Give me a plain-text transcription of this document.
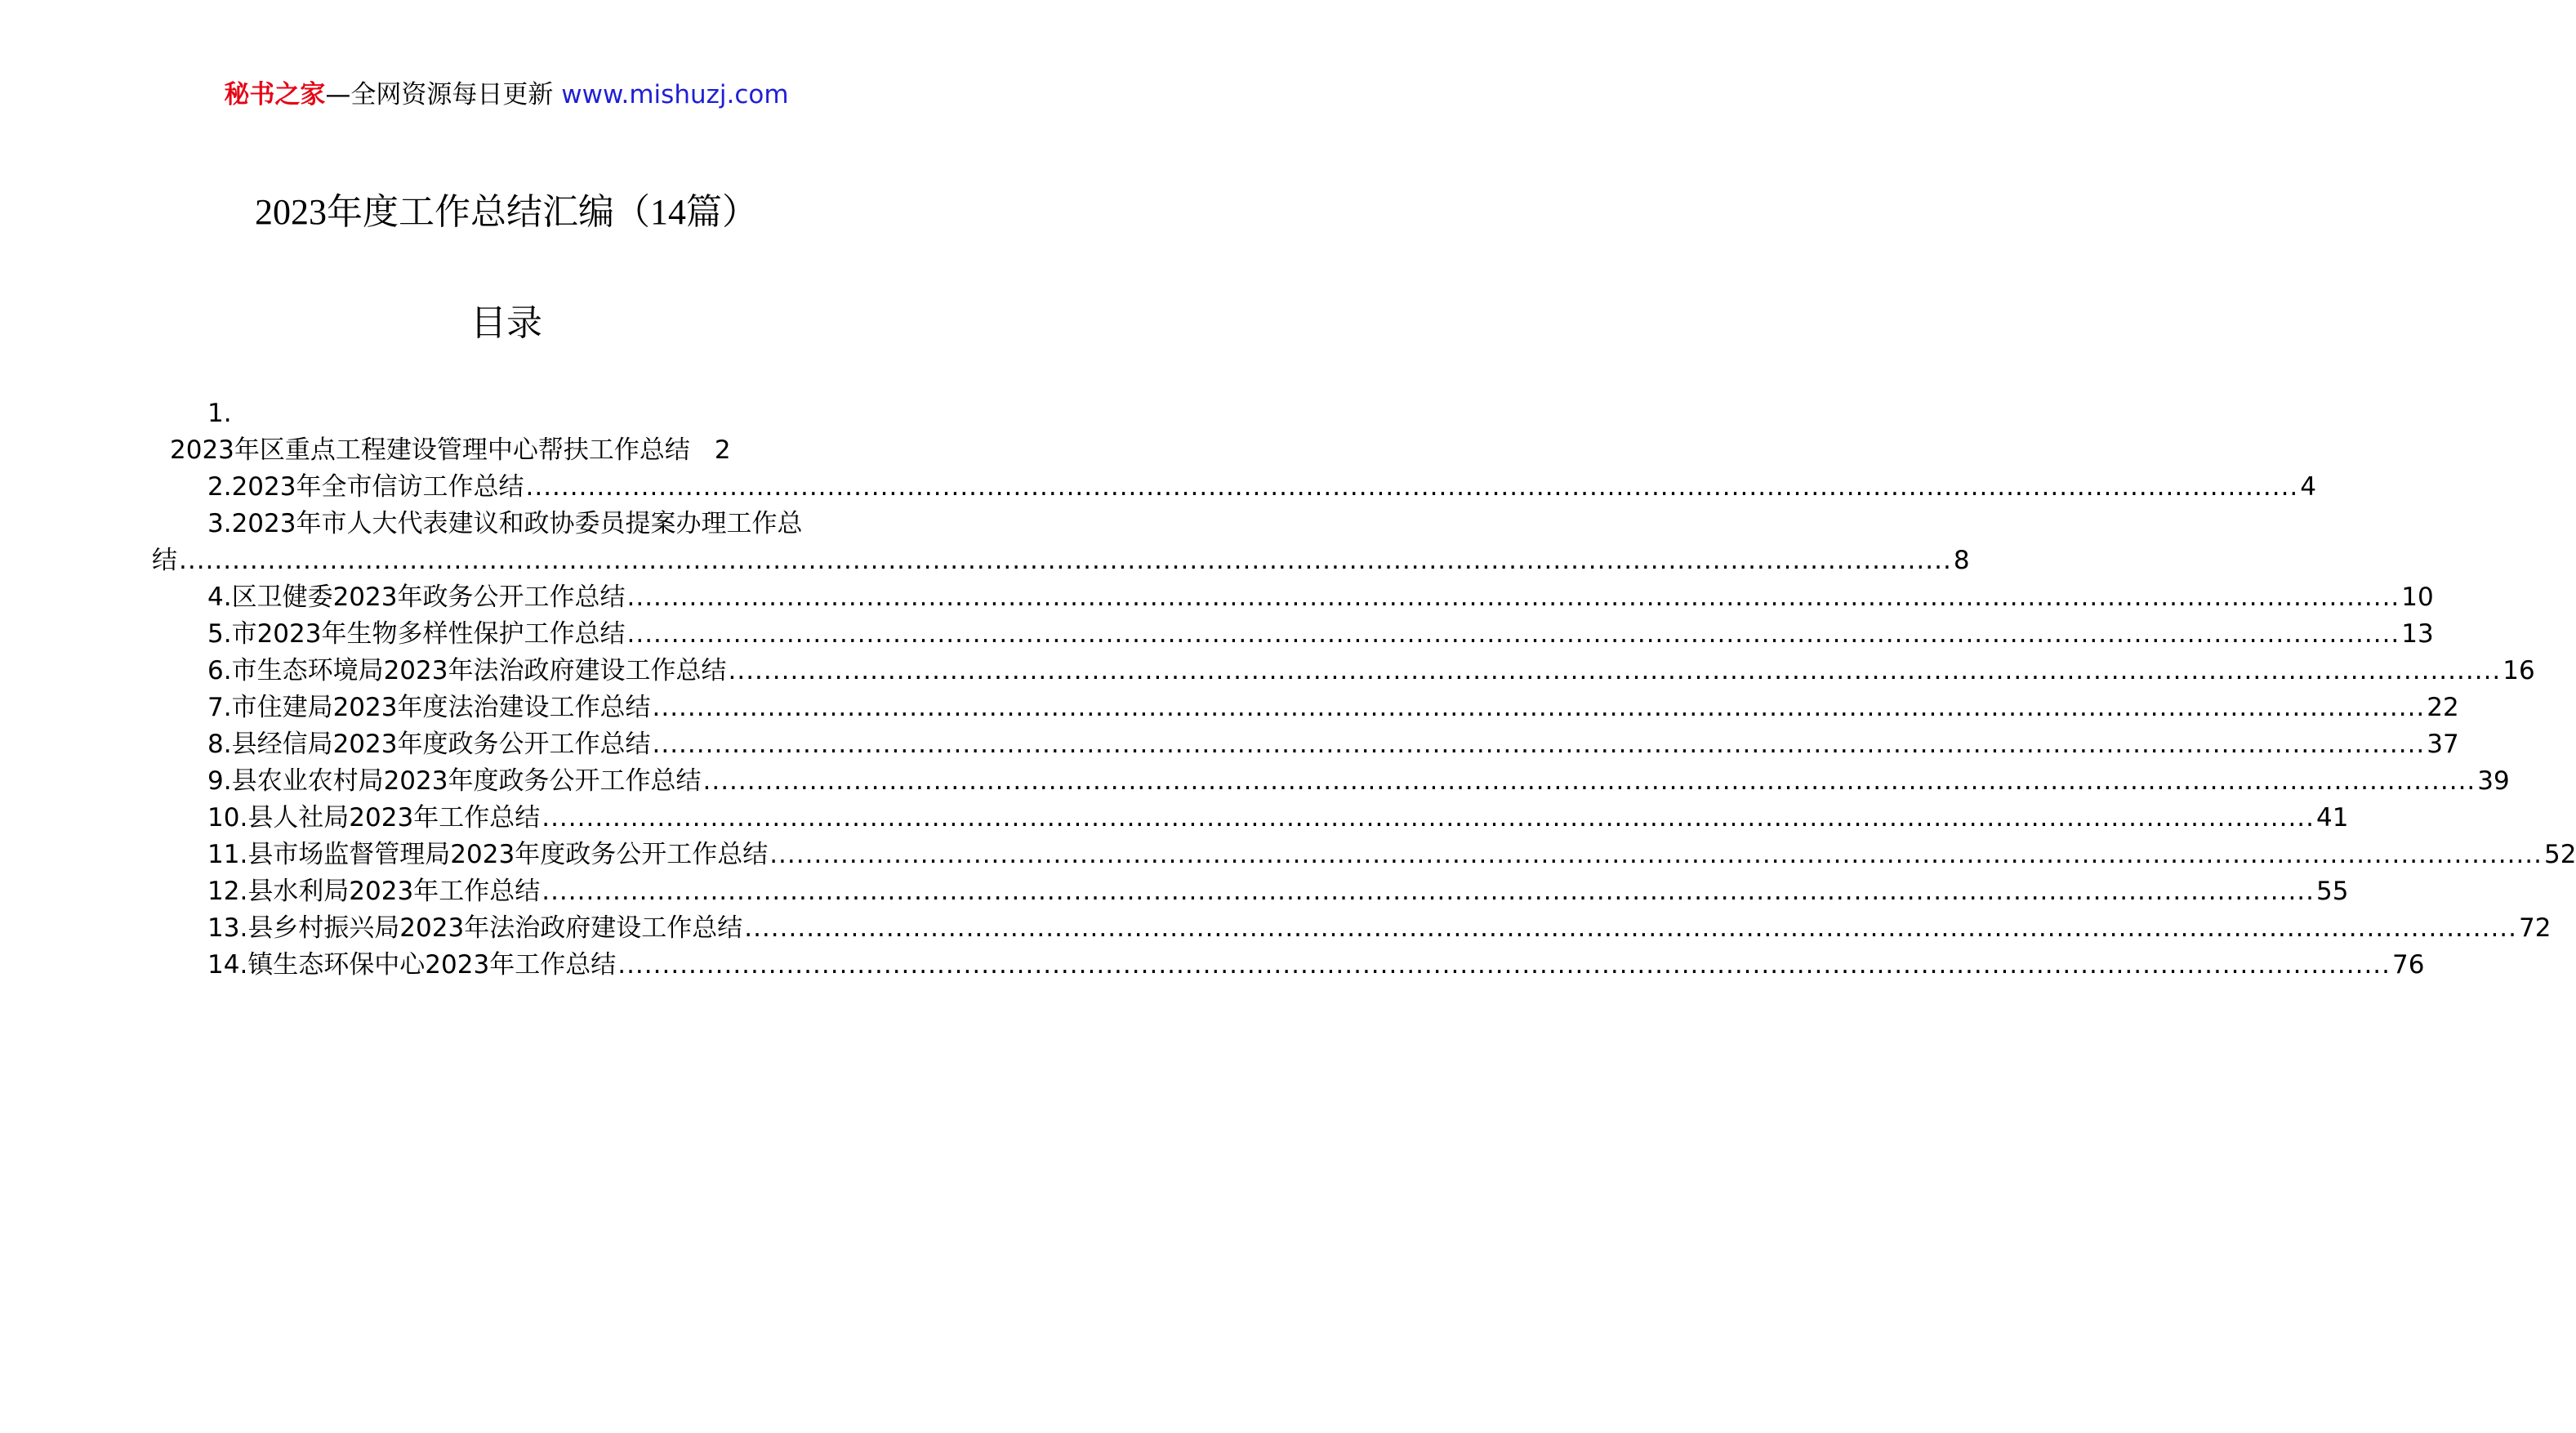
秘书之家—全网资源每日更新 www.mishuzj.com
2023年度工作总结汇编（14篇）
目录
1.
2023年区重点工程建设管理中心帮扶工作总结 2
2.2023年全市信访工作总结 ........................................................................................................................................................................................................ 4
3.2023年市人大代表建议和政协委员提案办理工作总
结 ........................................................................................................................................................................................................ 8
4.区卫健委2023年政务公开工作总结 ........................................................................................................................................................................................................ 10
5.市2023年生物多样性保护工作总结 ........................................................................................................................................................................................................ 13
6.市生态环境局2023年法治政府建设工作总结 ........................................................................................................................................................................................................ 16
7.市住建局2023年度法治建设工作总结 ........................................................................................................................................................................................................ 22
8.县经信局2023年度政务公开工作总结 ........................................................................................................................................................................................................ 37
9.县农业农村局2023年度政务公开工作总结 ........................................................................................................................................................................................................ 39
10.县人社局2023年工作总结 ........................................................................................................................................................................................................ 41
11.县市场监督管理局2023年度政务公开工作总结 ........................................................................................................................................................................................................ 52
12.县水利局2023年工作总结 ........................................................................................................................................................................................................ 55
13.县乡村振兴局2023年法治政府建设工作总结 ........................................................................................................................................................................................................ 72
14.镇生态环保中心2023年工作总结 ........................................................................................................................................................................................................ 76
